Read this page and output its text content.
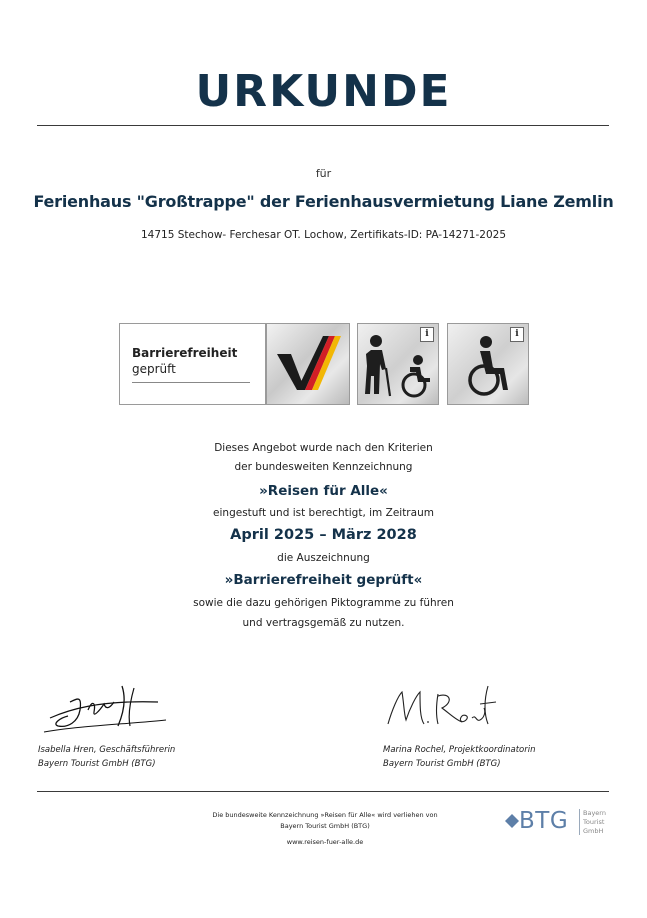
URKUNDE
für
Ferienhaus "Großtrappe" der Ferienhausvermietung Liane Zemlin
14715 Stechow- Ferchesar OT. Lochow, Zertifikats-ID: PA-14271-2025
Barrierefreiheit
geprüft
i	i
Dieses Angebot wurde nach den Kriterien
der bundesweiten Kennzeichnung
»Reisen für Alle«
eingestuft und ist berechtigt, im Zeitraum
April 2025 – März 2028
die Auszeichnung
»Barrierefreiheit geprüft«
sowie die dazu gehörigen Piktogramme zu führen
und vertragsgemäß zu nutzen.
Isabella Hren, Geschäftsführerin
Bayern Tourist GmbH (BTG)
Marina Rochel, Projektkoordinatorin
Bayern Tourist GmbH (BTG)
Die bundesweite Kennzeichnung »Reisen für Alle« wird verliehen von
Bayern Tourist GmbH (BTG)
www.reisen-fuer-alle.de
BTG Bayern
Tourist
GmbH
